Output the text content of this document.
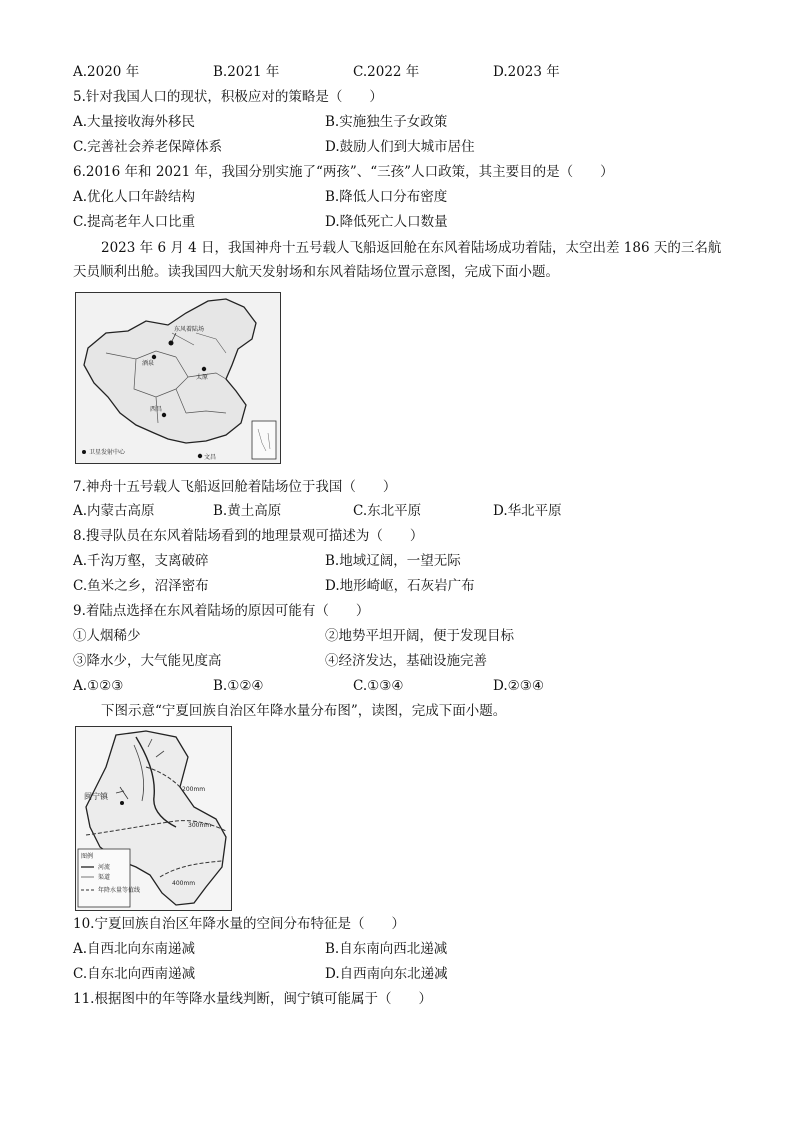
A.2020 年	B.2021 年	C.2022 年	D.2023 年
5.针对我国人口的现状，积极应对的策略是（　　）
A.大量接收海外移民	B.实施独生子女政策
C.完善社会养老保障体系	D.鼓励人们到大城市居住
6.2016 年和 2021 年，我国分别实施了“两孩”、“三孩”人口政策，其主要目的是（　　）
A.优化人口年龄结构	B.降低人口分布密度
C.提高老年人口比重	D.降低死亡人口数量
2023 年 6 月 4 日，我国神舟十五号载人飞船返回舱在东风着陆场成功着陆，太空出差 186 天的三名航天员顺利出舱。读我国四大航天发射场和东风着陆场位置示意图，完成下面小题。
东风着陆场
酒泉
太原
西昌
文昌
卫星发射中心
7.神舟十五号载人飞船返回舱着陆场位于我国（　　）
A.内蒙古高原	B.黄土高原	C.东北平原	D.华北平原
8.搜寻队员在东风着陆场看到的地理景观可描述为（　　）
A.千沟万壑，支离破碎	B.地域辽阔，一望无际
C.鱼米之乡，沼泽密布	D.地形崎岖，石灰岩广布
9.着陆点选择在东风着陆场的原因可能有（　　）
①人烟稀少	②地势平坦开阔，便于发现目标
③降水少，大气能见度高	④经济发达，基础设施完善
A.①②③	B.①②④	C.①③④	D.②③④
下图示意“宁夏回族自治区年降水量分布图”，读图，完成下面小题。
闽宁镇
200mm
300mm
400mm
图例
河流
渠道
年降水量等值线
10.宁夏回族自治区年降水量的空间分布特征是（　　）
A.自西北向东南递减	B.自东南向西北递减
C.自东北向西南递减	D.自西南向东北递减
11.根据图中的年等降水量线判断，闽宁镇可能属于（　　）
